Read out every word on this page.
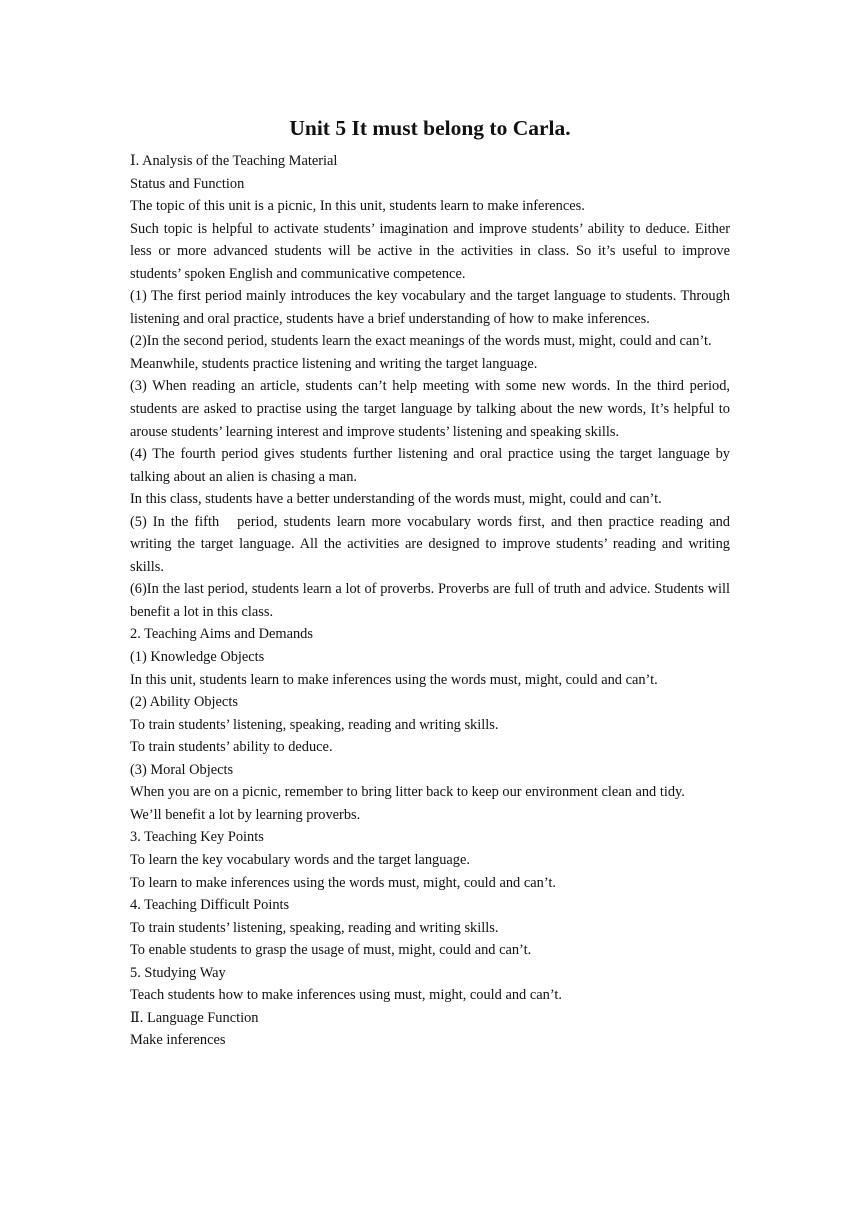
Unit 5 It must belong to Carla.

Ⅰ. Analysis of the Teaching Material

Status and Function

The topic of this unit is a picnic, In this unit, students learn to make inferences.

Such topic is helpful to activate students’ imagination and improve students’ ability to deduce. Either less or more advanced students will be active in the activities in class. So it’s useful to improve students’ spoken English and communicative competence.

(1) The first period mainly introduces the key vocabulary and the target language to students. Through listening and oral practice, students have a brief understanding of how to make inferences.

(2)In the second period, students learn the exact meanings of the words must, might, could and can’t.

Meanwhile, students practice listening and writing the target language.

(3) When reading an article, students can’t help meeting with some new words. In the third period, students are asked to practise using the target language by talking about the new words, It’s helpful to arouse students’ learning interest and improve students’ listening and speaking skills.

(4) The fourth period gives students further listening and oral practice using the target language by talking about an alien is chasing a man.

In this class, students have a better understanding of the words must, might, could and can’t.

(5) In the fifth   period, students learn more vocabulary words first, and then practice reading and writing the target language. All the activities are designed to improve students’ reading and writing skills.

(6)In the last period, students learn a lot of proverbs. Proverbs are full of truth and advice. Students will benefit a lot in this class.

2. Teaching Aims and Demands

(1) Knowledge Objects

In this unit, students learn to make inferences using the words must, might, could and can’t.

(2) Ability Objects

To train students’ listening, speaking, reading and writing skills.

To train students’ ability to deduce.

(3) Moral Objects

When you are on a picnic, remember to bring litter back to keep our environment clean and tidy.

We’ll benefit a lot by learning proverbs.

3. Teaching Key Points

To learn the key vocabulary words and the target language.

To learn to make inferences using the words must, might, could and can’t.

4. Teaching Difficult Points

To train students’ listening, speaking, reading and writing skills.

To enable students to grasp the usage of must, might, could and can’t.

5. Studying Way

Teach students how to make inferences using must, might, could and can’t.

Ⅱ. Language Function

Make inferences
